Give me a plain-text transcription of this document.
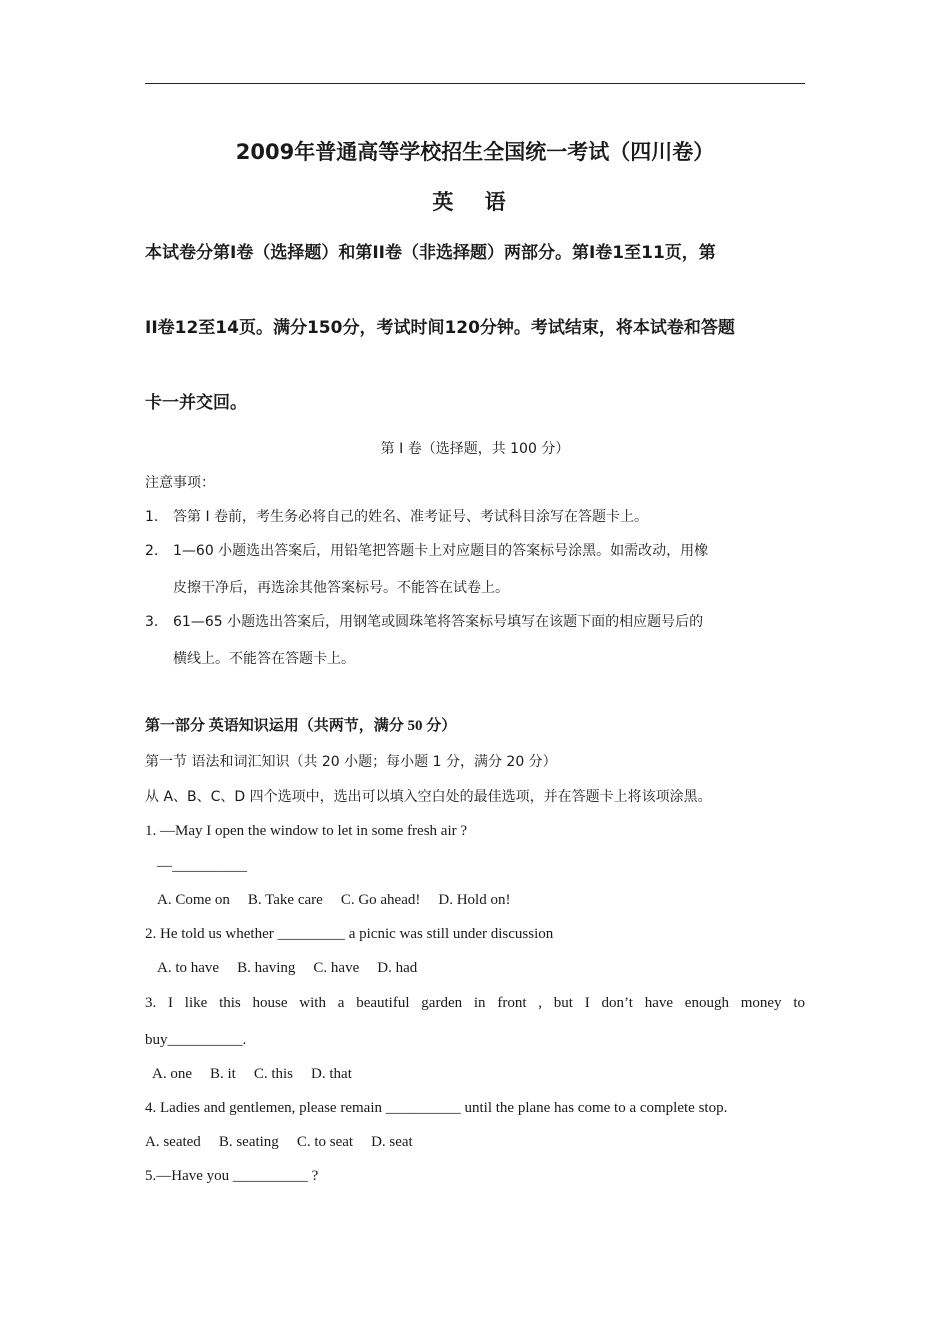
2009年普通高等学校招生全国统一考试（四川卷）
英 语
本试卷分第I卷（选择题）和第II卷（非选择题）两部分。第I卷1至11页，第
II卷12至14页。满分150分，考试时间120分钟。考试结束，将本试卷和答题
卡一并交回。
第 I 卷（选择题，共 100 分）
注意事项：
1. 答第 I 卷前，考生务必将自己的姓名、准考证号、考试科目涂写在答题卡上。
2. 1—60 小题选出答案后，用铅笔把答题卡上对应题目的答案标号涂黑。如需改动，用橡
皮擦干净后，再选涂其他答案标号。不能答在试卷上。
3. 61—65 小题选出答案后，用钢笔或圆珠笔将答案标号填写在该题下面的相应题号后的
横线上。不能答在答题卡上。
第一部分 英语知识运用（共两节，满分 50 分）
第一节 语法和词汇知识（共 20 小题；每小题 1 分，满分 20 分）
从 A、B、C、D 四个选项中，选出可以填入空白处的最佳选项，并在答题卡上将该项涂黑。
1. —May I open the window to let in some fresh air ?
—__________
A. Come on B. Take care C. Go ahead! D. Hold on!
2. He told us whether _________ a picnic was still under discussion
A. to have B. having C. have D. had
3. I like this house with a beautiful garden in front , but I don’t have enough money to
buy__________.
A. one B. it C. this D. that
4. Ladies and gentlemen, please remain __________ until the plane has come to a complete stop.
A. seated B. seating C. to seat D. seat
5.—Have you __________ ?
